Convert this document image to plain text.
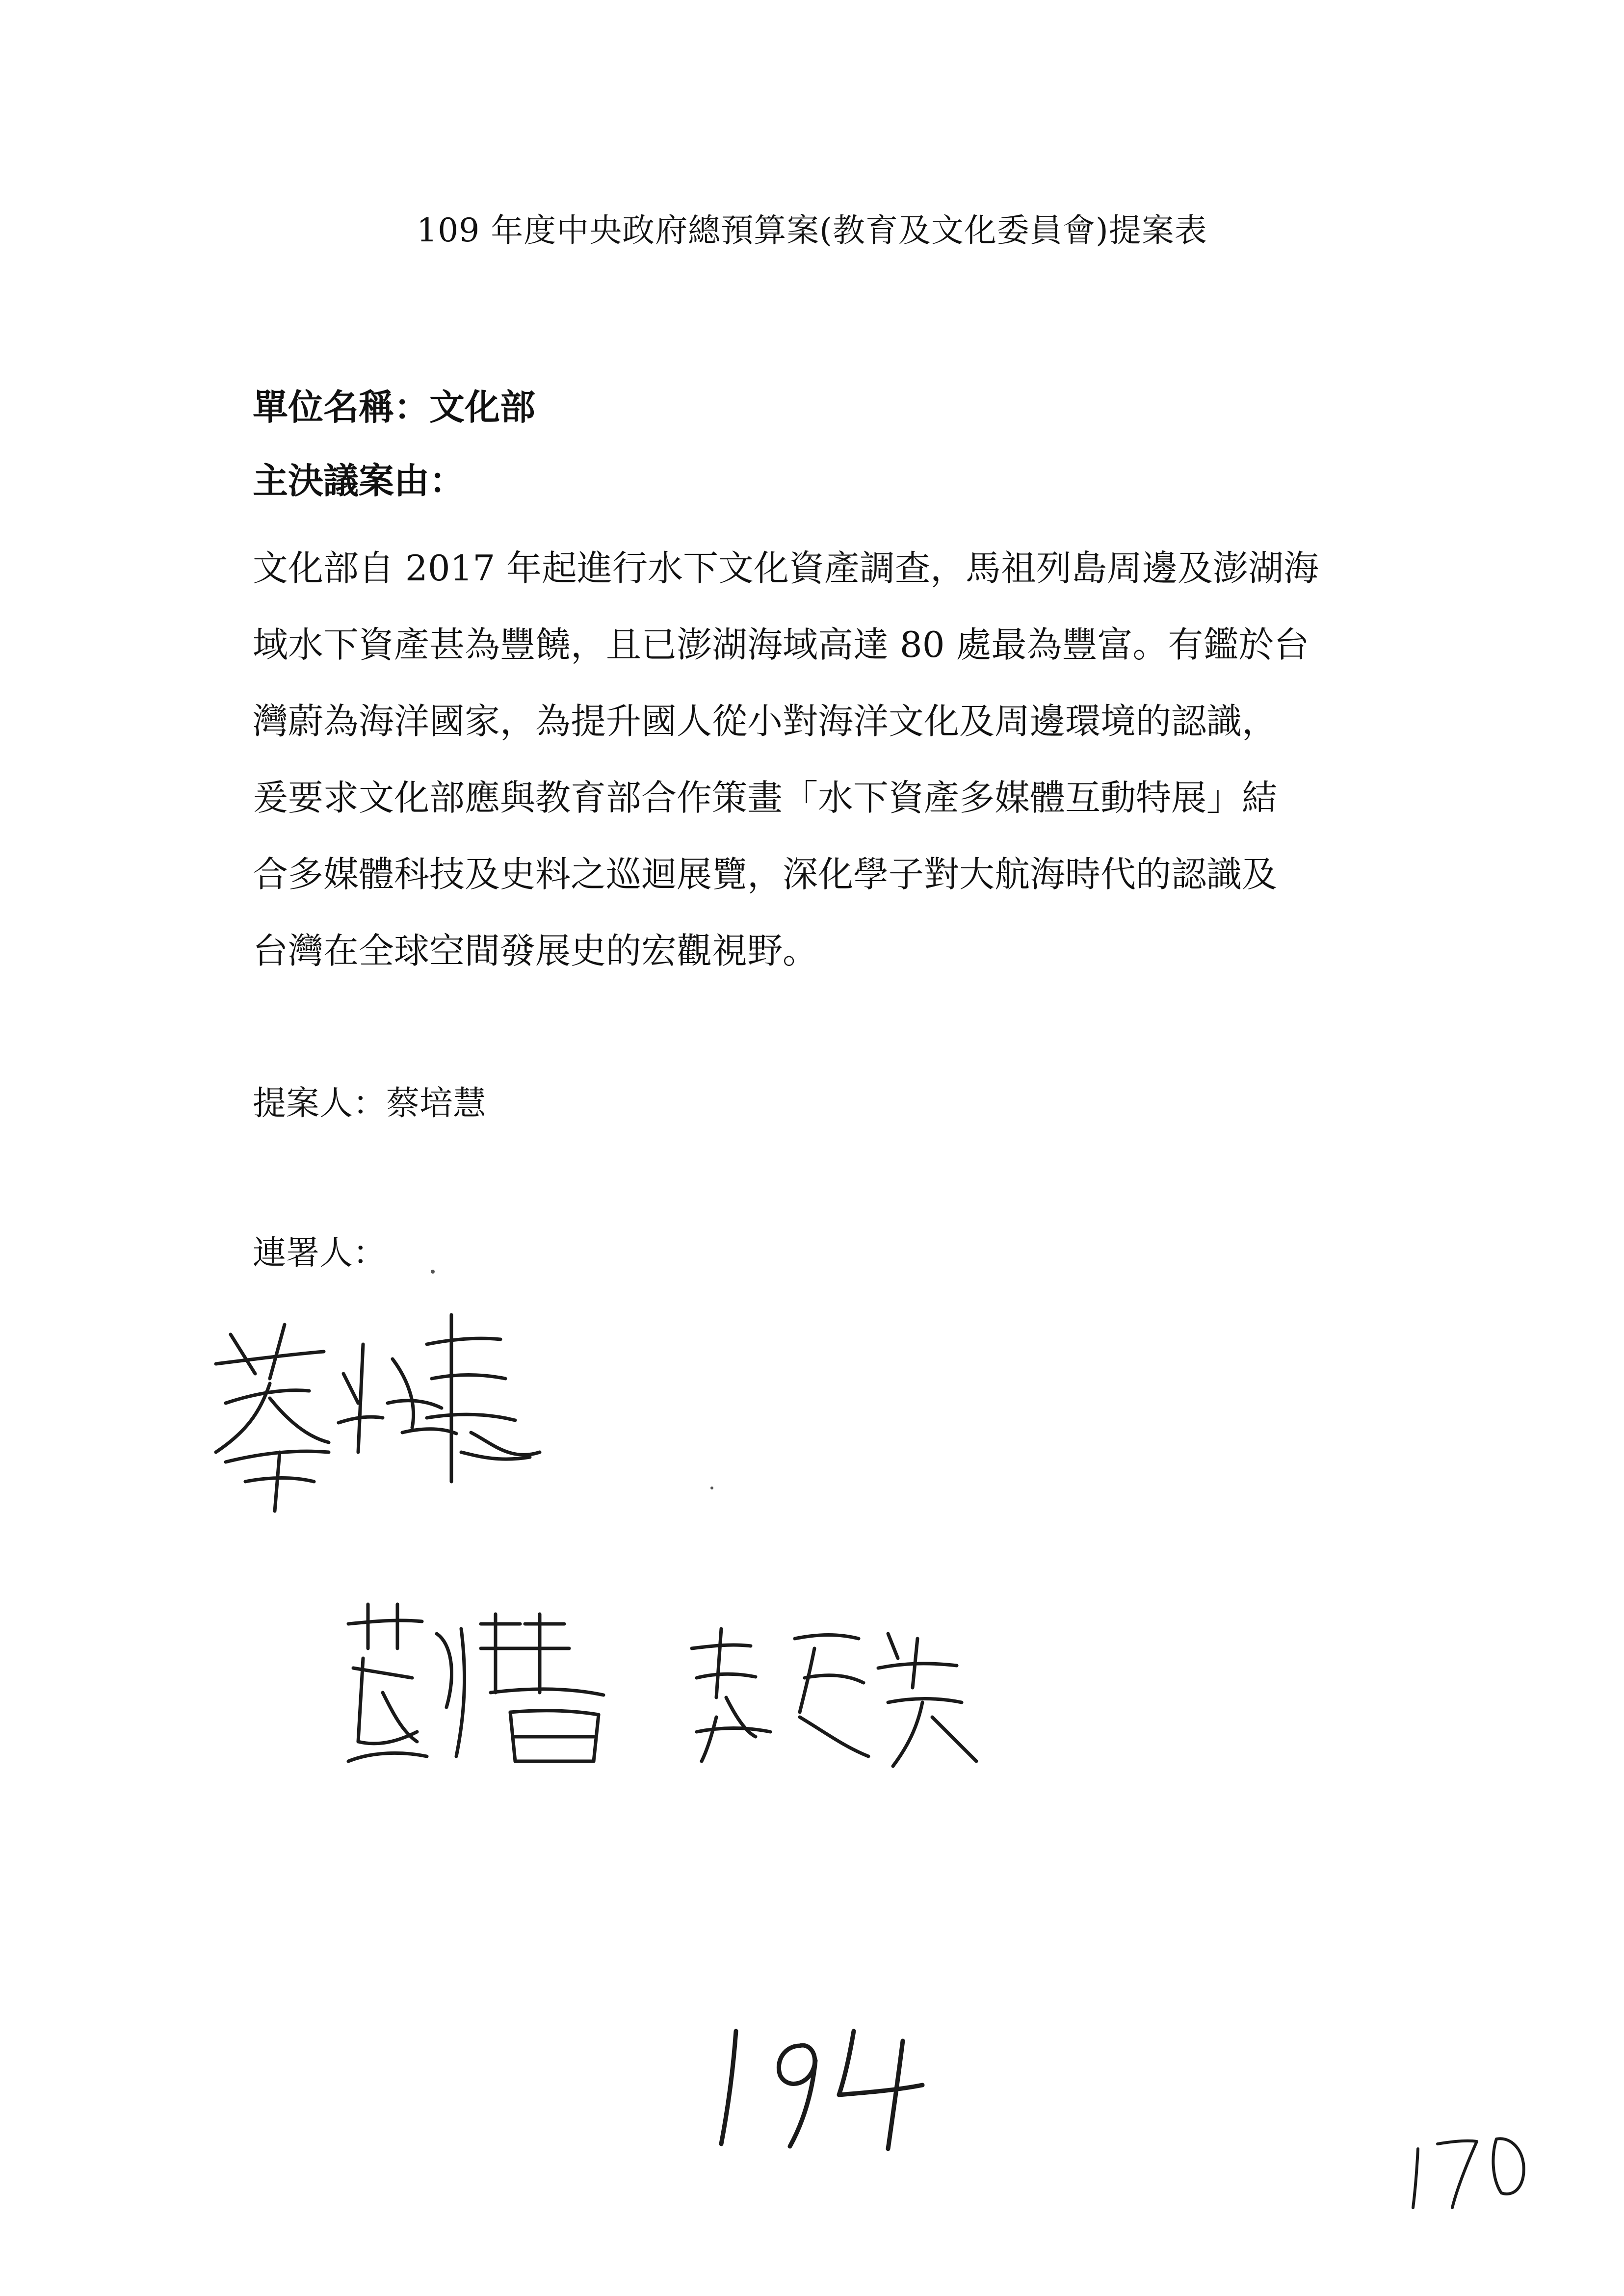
109 年度中央政府總預算案(教育及文化委員會)提案表
單位名稱：文化部
主決議案由：

文化部自 2017 年起進行水下文化資產調查，馬祖列島周邊及澎湖海
域水下資產甚為豐饒，且已澎湖海域高達 80 處最為豐富。有鑑於台
灣蔚為海洋國家，為提升國人從小對海洋文化及周邊環境的認識，
爰要求文化部應與教育部合作策畫「水下資產多媒體互動特展」結
合多媒體科技及史料之巡迴展覽，深化學子對大航海時代的認識及
台灣在全球空間發展史的宏觀視野。

提案人：蔡培慧
連署人：
